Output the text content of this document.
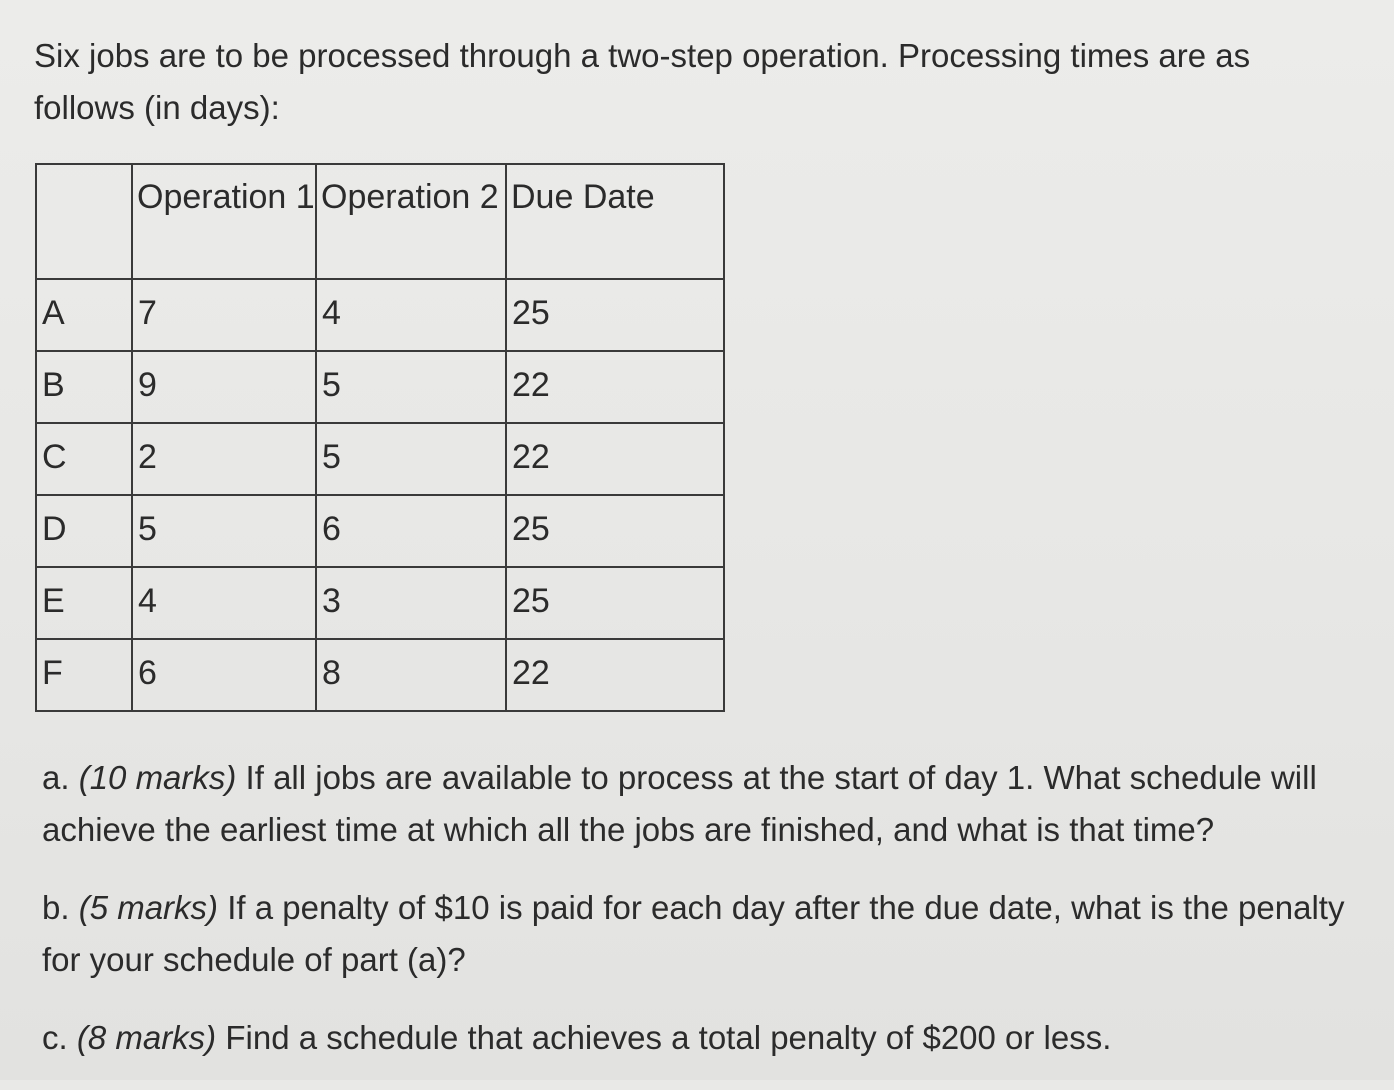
Six jobs are to be processed through a two-step operation. Processing times are as follows (in days):

	Operation 1	Operation 2	Due Date

A	7	4	25

B	9	5	22

C	2	5	22

D	5	6	25

E	4	3	25

F	6	8	22

a. (10 marks) If all jobs are available to process at the start of day 1. What schedule will achieve the earliest time at which all the jobs are finished, and what is that time?

b. (5 marks) If a penalty of $10 is paid for each day after the due date, what is the penalty for your schedule of part (a)?

c. (8 marks) Find a schedule that achieves a total penalty of $200 or less.
